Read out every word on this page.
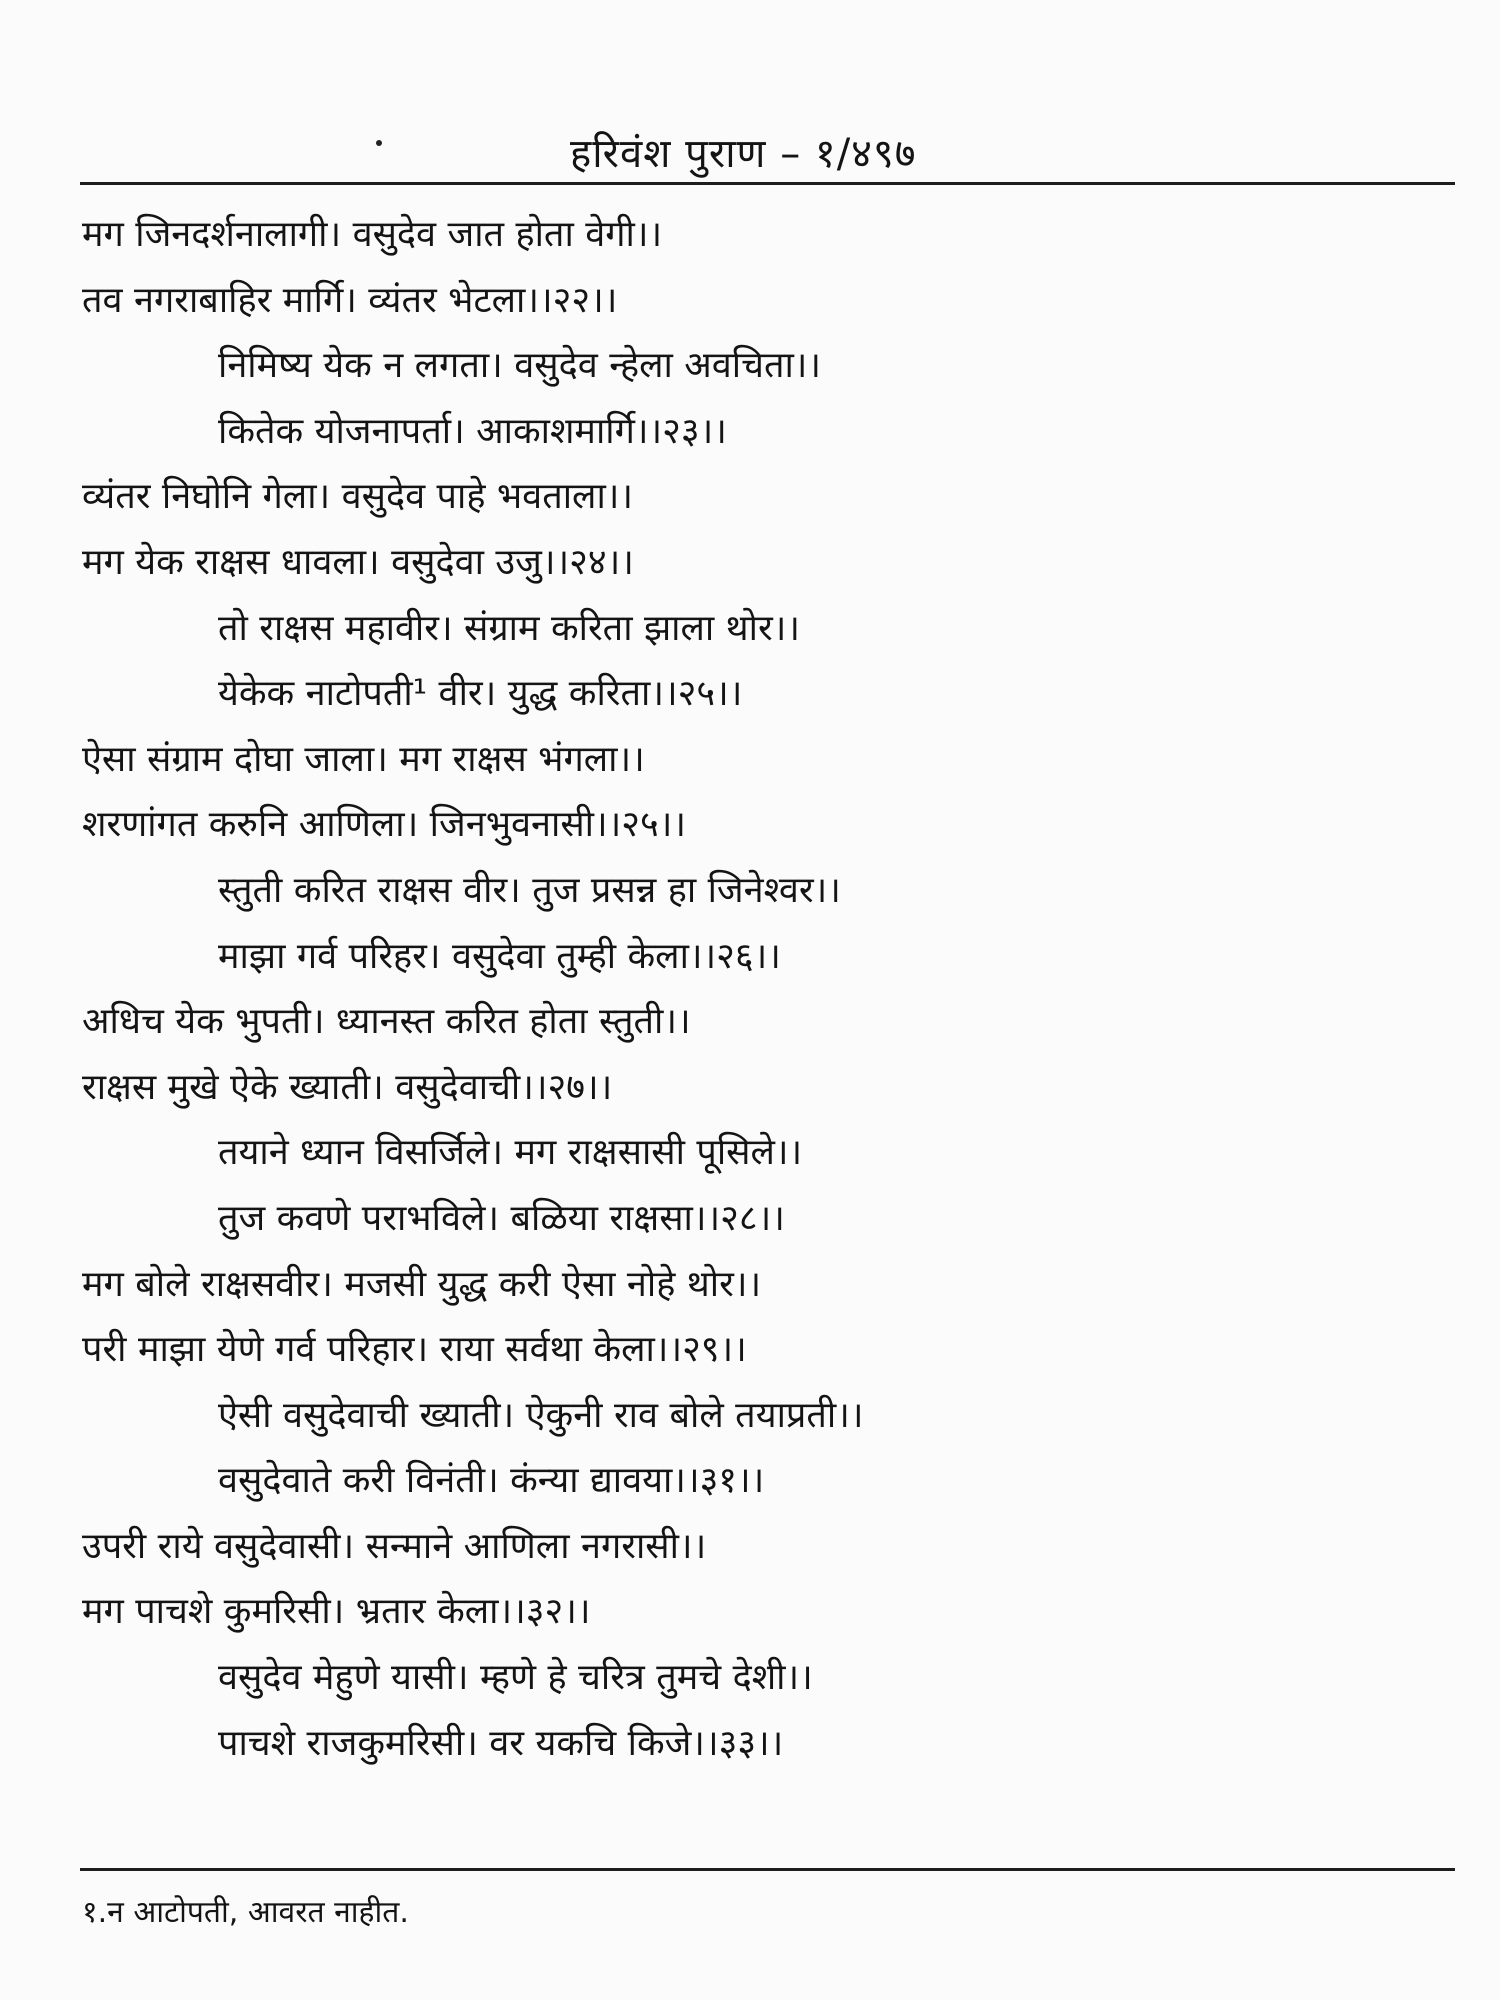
हरिवंश पुराण – १/४९७
मग जिनदर्शनालागी। वसुदेव जात होता वेगी।।
तव नगराबाहिर मार्गि। व्यंतर भेटला।।२२।।
निमिष्य येक न लगता। वसुदेव न्हेला अवचिता।।
कितेक योजनापर्ता। आकाशमार्गि।।२३।।
व्यंतर निघोनि गेला। वसुदेव पाहे भवताला।।
मग येक राक्षस धावला। वसुदेवा उजु।।२४।।
तो राक्षस महावीर। संग्राम करिता झाला थोर।।
येकेक नाटोपती¹ वीर। युद्ध करिता।।२५।।
ऐसा संग्राम दोघा जाला। मग राक्षस भंगला।।
शरणांगत करुनि आणिला। जिनभुवनासी।।२५।।
स्तुती करित राक्षस वीर। तुज प्रसन्न हा जिनेश्वर।।
माझा गर्व परिहर। वसुदेवा तुम्ही केला।।२६।।
अधिच येक भुपती। ध्यानस्त करित होता स्तुती।।
राक्षस मुखे ऐके ख्याती। वसुदेवाची।।२७।।
तयाने ध्यान विसर्जिले। मग राक्षसासी पूसिले।।
तुज कवणे पराभविले। बळिया राक्षसा।।२८।।
मग बोले राक्षसवीर। मजसी युद्ध करी ऐसा नोहे थोर।।
परी माझा येणे गर्व परिहार। राया सर्वथा केला।।२९।।
ऐसी वसुदेवाची ख्याती। ऐकुनी राव बोले तयाप्रती।।
वसुदेवाते करी विनंती। कंन्या द्यावया।।३१।।
उपरी राये वसुदेवासी। सन्माने आणिला नगरासी।।
मग पाचशे कुमरिसी। भ्रतार केला।।३२।।
वसुदेव मेहुणे यासी। म्हणे हे चरित्र तुमचे देशी।।
पाचशे राजकुमरिसी। वर यकचि किजे।।३३।।
१.न आटोपती, आवरत नाहीत.
